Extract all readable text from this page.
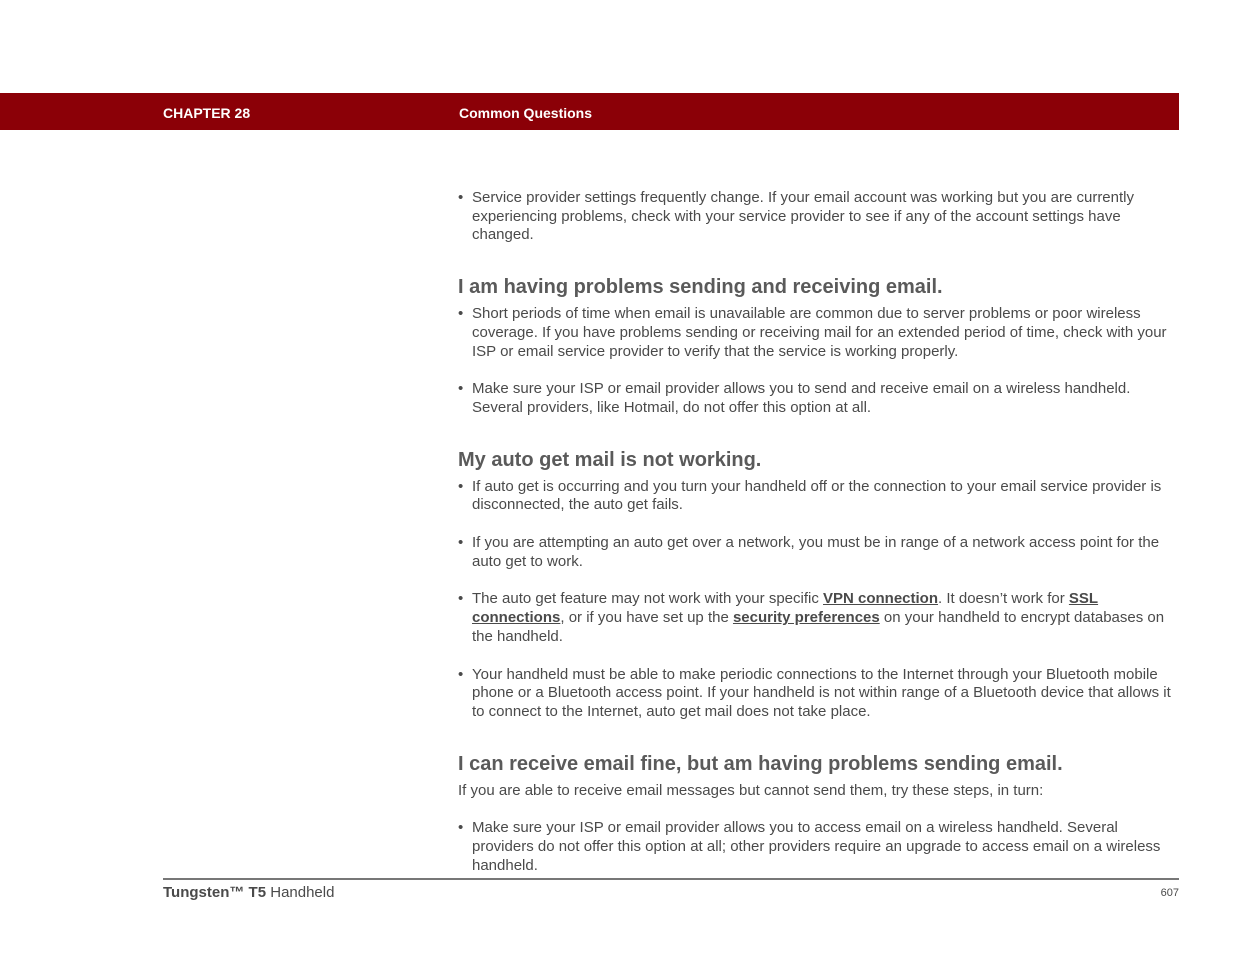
CHAPTER 28	Common Questions

• Service provider settings frequently change. If your email account was working but you are currently experiencing problems, check with your service provider to see if any of the account settings have changed.

I am having problems sending and receiving email.

• Short periods of time when email is unavailable are common due to server problems or poor wireless coverage. If you have problems sending or receiving mail for an extended period of time, check with your ISP or email service provider to verify that the service is working properly.

• Make sure your ISP or email provider allows you to send and receive email on a wireless handheld. Several providers, like Hotmail, do not offer this option at all.

My auto get mail is not working.

• If auto get is occurring and you turn your handheld off or the connection to your email service provider is disconnected, the auto get fails.

• If you are attempting an auto get over a network, you must be in range of a network access point for the auto get to work.

• The auto get feature may not work with your specific VPN connection. It doesn’t work for SSL connections, or if you have set up the security preferences on your handheld to encrypt databases on the handheld.

• Your handheld must be able to make periodic connections to the Internet through your Bluetooth mobile phone or a Bluetooth access point. If your handheld is not within range of a Bluetooth device that allows it to connect to the Internet, auto get mail does not take place.

I can receive email fine, but am having problems sending email.

If you are able to receive email messages but cannot send them, try these steps, in turn:

• Make sure your ISP or email provider allows you to access email on a wireless handheld. Several providers do not offer this option at all; other providers require an upgrade to access email on a wireless handheld.

Tungsten™ T5 Handheld	607
